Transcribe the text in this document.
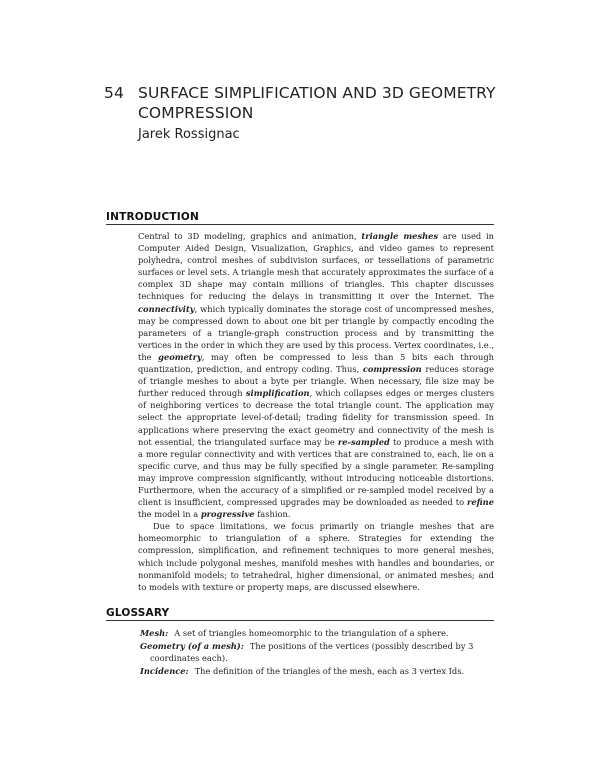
54 SURFACE SIMPLIFICATION AND 3D GEOMETRY COMPRESSION
Jarek Rossignac
INTRODUCTION

Central to 3D modeling, graphics and animation, triangle meshes are used in Computer Aided Design, Visualization, Graphics, and video games to represent polyhedra, control meshes of subdivision surfaces, or tessellations of parametric surfaces or level sets. A triangle mesh that accurately approximates the surface of a complex 3D shape may contain millions of triangles. This chapter discusses techniques for reducing the delays in transmitting it over the Internet. The connectivity, which typically dominates the storage cost of uncompressed meshes, may be compressed down to about one bit per triangle by compactly encoding the parameters of a triangle-graph construction process and by transmitting the vertices in the order in which they are used by this process. Vertex coordinates, i.e., the geometry, may often be compressed to less than 5 bits each through quantization, prediction, and entropy coding. Thus, compression reduces storage of triangle meshes to about a byte per triangle. When necessary, file size may be further reduced through simplification, which collapses edges or merges clusters of neighboring vertices to decrease the total triangle count. The application may select the appropriate level-of-detail; trading fidelity for transmission speed. In applications where preserving the exact geometry and connectivity of the mesh is not essential, the triangulated surface may be re-sampled to produce a mesh with a more regular connectivity and with vertices that are constrained to, each, lie on a specific curve, and thus may be fully specified by a single parameter. Re-sampling may improve compression significantly, without introducing noticeable distortions. Furthermore, when the accuracy of a simplified or re-sampled model received by a client is insufficient, compressed upgrades may be downloaded as needed to refine the model in a progressive fashion.

Due to space limitations, we focus primarily on triangle meshes that are homeomorphic to triangulation of a sphere. Strategies for extending the compression, simplification, and refinement techniques to more general meshes, which include polygonal meshes, manifold meshes with handles and boundaries, or nonmanifold models; to tetrahedral, higher dimensional, or animated meshes; and to models with texture or property maps, are discussed elsewhere.

GLOSSARY

Mesh: A set of triangles homeomorphic to the triangulation of a sphere.

Geometry (of a mesh): The positions of the vertices (possibly described by 3 coordinates each).

Incidence: The definition of the triangles of the mesh, each as 3 vertex Ids.
